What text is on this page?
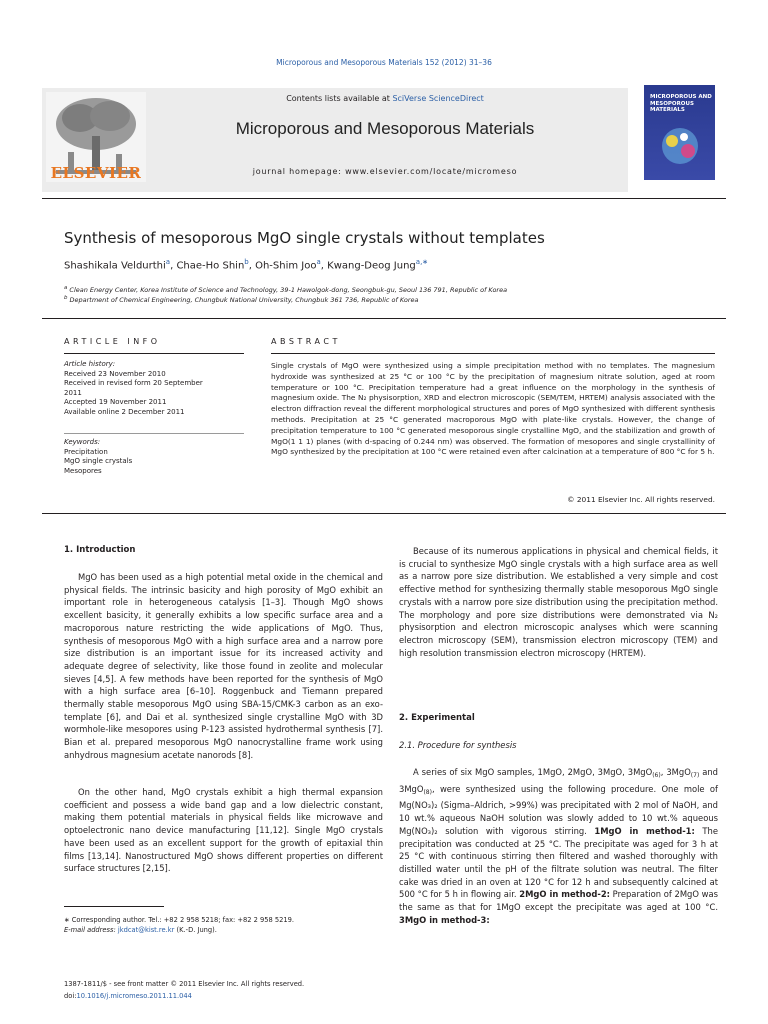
Microporous and Mesoporous Materials 152 (2012) 31–36
ELSEVIER
Contents lists available at SciVerse ScienceDirect
Microporous and Mesoporous Materials
journal homepage: www.elsevier.com/locate/micromeso
MICROPOROUS AND MESOPOROUS MATERIALS
Synthesis of mesoporous MgO single crystals without templates
Shashikala Veldurthi$^a$, Chae-Ho Shin$^b$, Oh-Shim Joo$^a$, Kwang-Deog Jung$^{a,∗}$
$^a$ Clean Energy Center, Korea Institute of Science and Technology, 39-1 Hawolgok-dong, Seongbuk-gu, Seoul 136 791, Republic of Korea
$^b$ Department of Chemical Engineering, Chungbuk National University, Chungbuk 361 736, Republic of Korea
ARTICLE INFO
Article history:
Received 23 November 2010
Received in revised form 20 September
2011
Accepted 19 November 2011
Available online 2 December 2011
Keywords:
Precipitation
MgO single crystals
Mesopores
ABSTRACT
Single crystals of MgO were synthesized using a simple precipitation method with no templates. The magnesium hydroxide was synthesized at 25 °C or 100 °C by the precipitation of magnesium nitrate solution, aged at room temperature or 100 °C. Precipitation temperature had a great influence on the morphology in the synthesis of magnesium oxide. The N₂ physisorption, XRD and electron microscopic (SEM/TEM, HRTEM) analysis associated with the electron diffraction reveal the different morphological structures and pores of MgO synthesized with different synthesis methods. Precipitation at 25 °C generated macroporous MgO with plate-like crystals. However, the change of precipitation temperature to 100 °C generated mesoporous single crystalline MgO, and the stabilization and growth of MgO(1 1 1) planes (with d-spacing of 0.244 nm) was observed. The formation of mesopores and single crystallinity of MgO synthesized by the precipitation at 100 °C were retained even after calcination at a temperature of 800 °C for 5 h.
© 2011 Elsevier Inc. All rights reserved.
1. Introduction
MgO has been used as a high potential metal oxide in the chemical and physical fields. The intrinsic basicity and high porosity of MgO exhibit an important role in heterogeneous catalysis [1–3]. Though MgO shows excellent basicity, it generally exhibits a low specific surface area and a macroporous nature restricting the wide applications of MgO. Thus, synthesis of mesoporous MgO with a high surface area and a narrow pore size distribution is an important issue for its increased activity and adequate degree of selectivity, like those found in zeolite and molecular sieves [4,5]. A few methods have been reported for the synthesis of MgO with a high surface area [6–10]. Roggenbuck and Tiemann prepared thermally stable mesoporous MgO using SBA-15/CMK-3 carbon as an exo-template [6], and Dai et al. synthesized single crystalline MgO with 3D wormhole-like mesopores using P-123 assisted hydrothermal synthesis [7]. Bian et al. prepared mesoporous MgO nanocrystalline frame work using anhydrous magnesium acetate nanorods [8].
On the other hand, MgO crystals exhibit a high thermal expansion coefficient and possess a wide band gap and a low dielectric constant, making them potential materials in physical fields like microwave and optoelectronic nano device manufacturing [11,12]. Single MgO crystals have been used as an excellent support for the growth of epitaxial thin films [13,14]. Nanostructured MgO shows different properties on different surface structures [2,15].
∗ Corresponding author. Tel.: +82 2 958 5218; fax: +82 2 958 5219.
E-mail address: jkdcat@kist.re.kr (K.-D. Jung).
1387-1811/$ - see front matter © 2011 Elsevier Inc. All rights reserved.
doi:10.1016/j.micromeso.2011.11.044
Because of its numerous applications in physical and chemical fields, it is crucial to synthesize MgO single crystals with a high surface area as well as a narrow pore size distribution. We established a very simple and cost effective method for synthesizing thermally stable mesoporous MgO single crystals with a narrow pore size distribution using the precipitation method. The morphology and pore size distributions were demonstrated via N₂ physisorption and electron microscopic analyses which were scanning electron microscopy (SEM), transmission electron microscopy (TEM) and high resolution transmission electron microscopy (HRTEM).
2. Experimental
2.1. Procedure for synthesis
A series of six MgO samples, 1MgO, 2MgO, 3MgO, 3MgO$_{(6)}$, 3MgO$_{(7)}$ and 3MgO$_{(8)}$, were synthesized using the following procedure. One mole of Mg(NO₃)₂ (Sigma–Aldrich, >99%) was precipitated with 2 mol of NaOH, and 10 wt.% aqueous NaOH solution was slowly added to 10 wt.% aqueous Mg(NO₃)₂ solution with vigorous stirring. 1MgO in method-1: The precipitation was conducted at 25 °C. The precipitate was aged for 3 h at 25 °C with continuous stirring then filtered and washed thoroughly with distilled water until the pH of the filtrate solution was neutral. The filter cake was dried in an oven at 120 °C for 12 h and subsequently calcined at 500 °C for 5 h in flowing air. 2MgO in method-2: Preparation of 2MgO was the same as that for 1MgO except the precipitate was aged at 100 °C. 3MgO in method-3:
